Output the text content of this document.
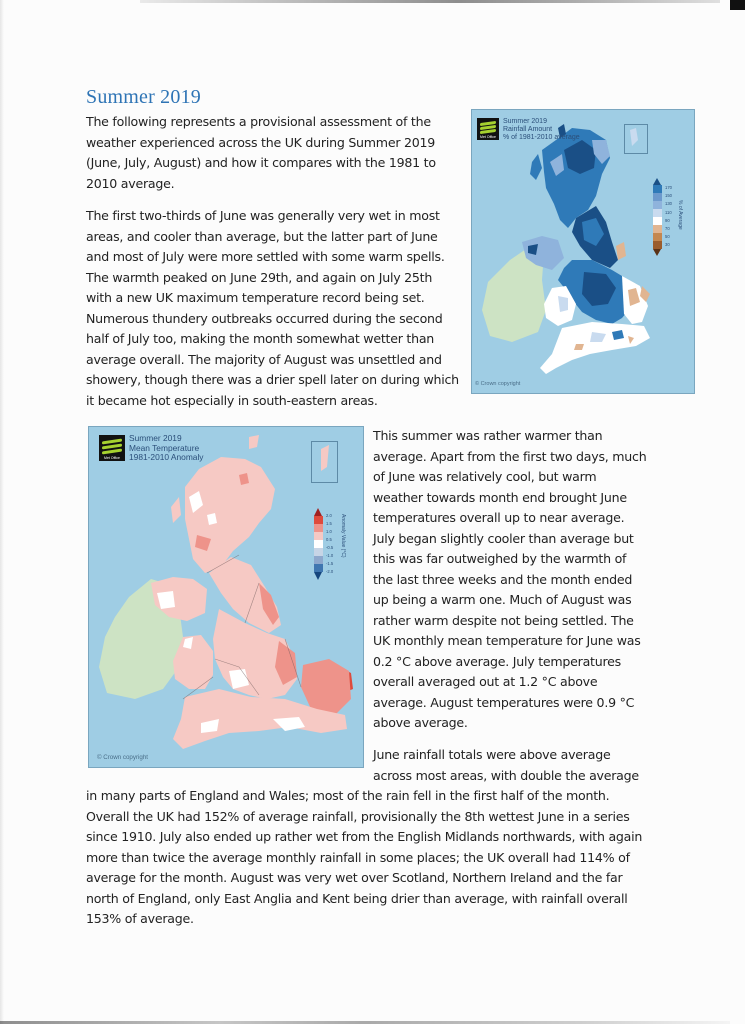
Summer 2019

The following represents a provisional assessment of the weather experienced across the UK during Summer 2019 (June, July, August) and how it compares with the 1981 to 2010 average.

The first two-thirds of June was generally very wet in most areas, and cooler than average, but the latter part of June and most of July were more settled with some warm spells. The warmth peaked on June 29th, and again on July 25th with a new UK maximum temperature record being set. Numerous thundery outbreaks occurred during the second half of July too, making the month somewhat wetter than average overall. The majority of August was unsettled and showery, though there was a drier spell later on during which it became hot especially in south-eastern areas.

Met Office
Summer 2019
Rainfall Amount
% of 1981-2010 average
170
150
130
110
90
70
50
30
% of Average
© Crown copyright
Met Office
Summer 2019
Mean Temperature
1981-2010 Anomaly
2.0
1.5
1.0
0.5
-0.5
-1.0
-1.5
-2.0
Anomaly Value (°C)
© Crown copyright

This summer was rather warmer than average. Apart from the first two days, much of June was relatively cool, but warm weather towards month end brought June temperatures overall up to near average. July began slightly cooler than average but this was far outweighed by the warmth of the last three weeks and the month ended up being a warm one. Much of August was rather warm despite not being settled. The UK monthly mean temperature for June was 0.2 °C above average. July temperatures overall averaged out at 1.2 °C above average. August temperatures were 0.9 °C above average.

June rainfall totals were above average across most areas, with double the average

in many parts of England and Wales; most of the rain fell in the first half of the month. Overall the UK had 152% of average rainfall, provisionally the 8th wettest June in a series since 1910. July also ended up rather wet from the English Midlands northwards, with again more than twice the average monthly rainfall in some places; the UK overall had 114% of average for the month. August was very wet over Scotland, Northern Ireland and the far north of England, only East Anglia and Kent being drier than average, with rainfall overall 153% of average.
